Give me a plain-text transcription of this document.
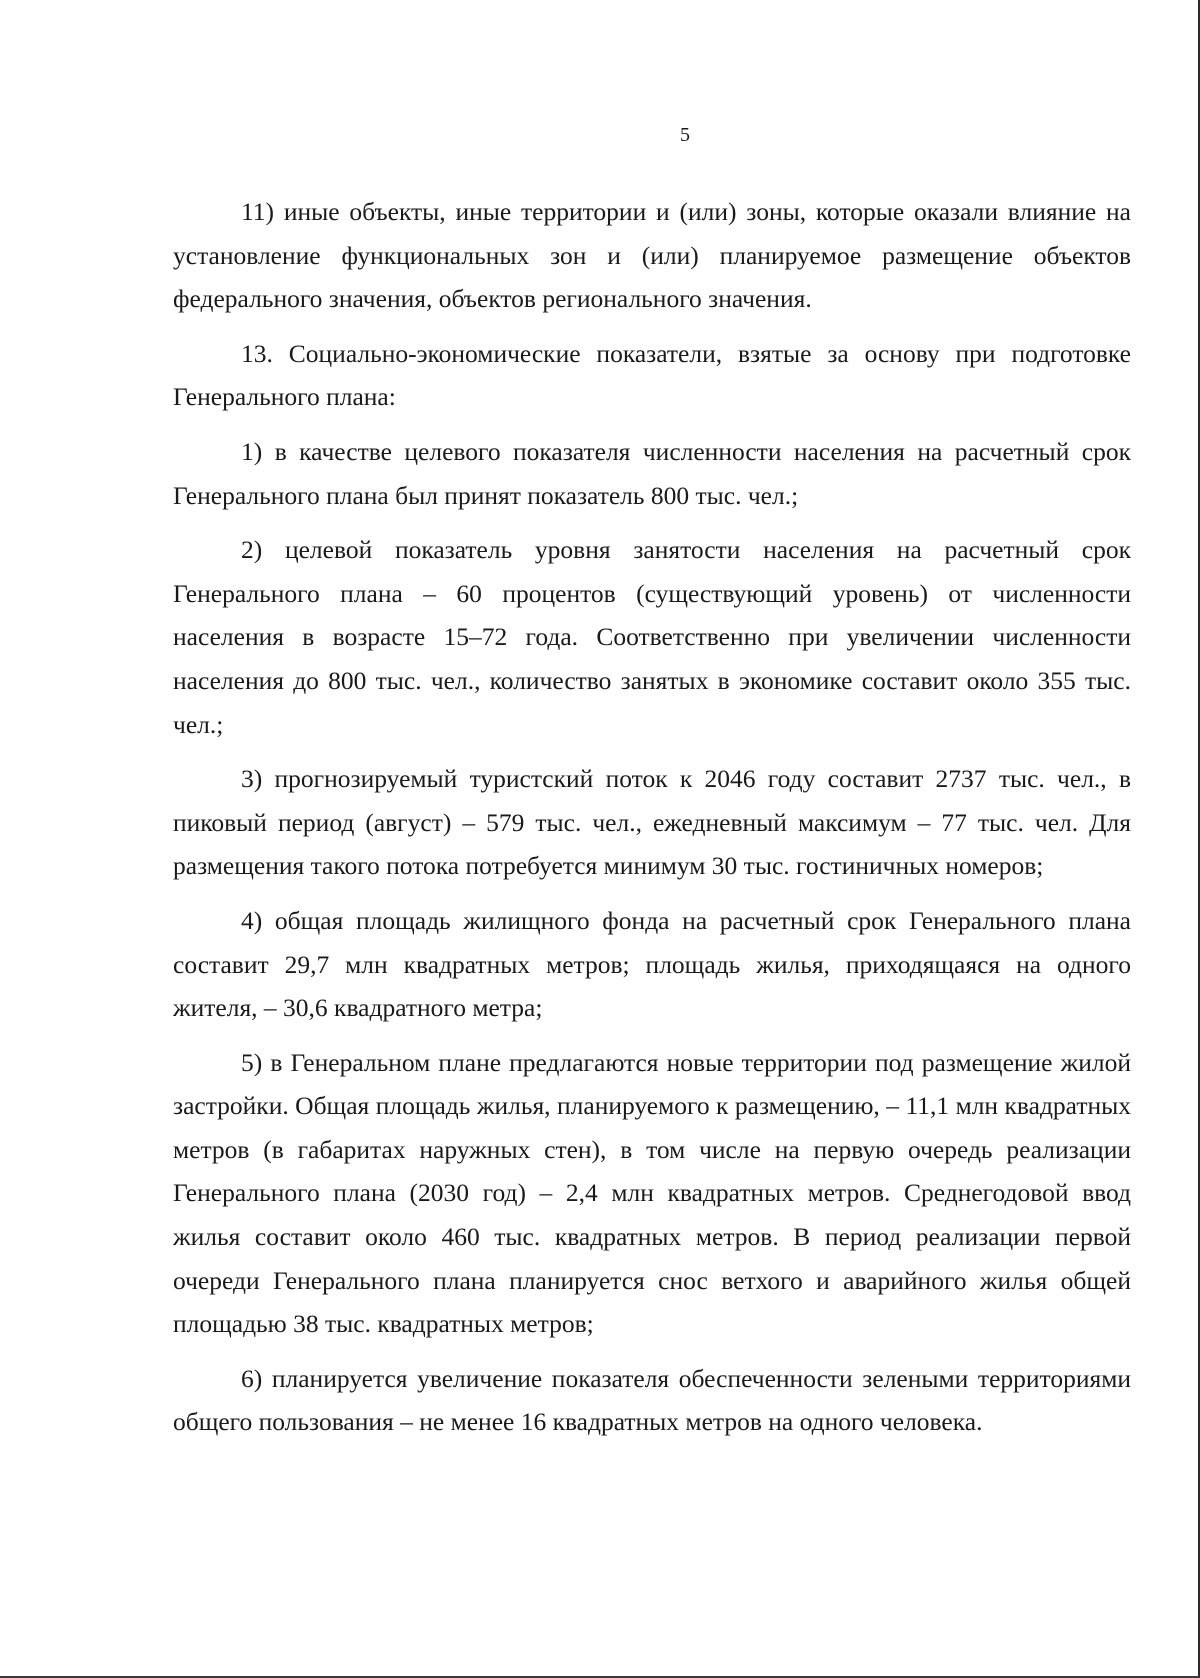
5

11) иные объекты, иные территории и (или) зоны, которые оказали влияние на установление функциональных зон и (или) планируемое размещение объектов федерального значения, объектов регионального значения.

13. Социально-экономические показатели, взятые за основу при подготовке Генерального плана:

1) в качестве целевого показателя численности населения на расчетный срок Генерального плана был принят показатель 800 тыс. чел.;

2) целевой показатель уровня занятости населения на расчетный срок Генерального плана – 60 процентов (существующий уровень) от численности населения в возрасте 15–72 года. Соответственно при увеличении численности населения до 800 тыс. чел., количество занятых в экономике составит около 355 тыс. чел.;

3) прогнозируемый туристский поток к 2046 году составит 2737 тыс. чел., в пиковый период (август) – 579 тыс. чел., ежедневный максимум – 77 тыс. чел. Для размещения такого потока потребуется минимум 30 тыс. гостиничных номеров;

4) общая площадь жилищного фонда на расчетный срок Генерального плана составит 29,7 млн квадратных метров; площадь жилья, приходящаяся на одного жителя, – 30,6 квадратного метра;

5) в Генеральном плане предлагаются новые территории под размещение жилой застройки. Общая площадь жилья, планируемого к размещению, – 11,1 млн квадратных метров (в габаритах наружных стен), в том числе на первую очередь реализации Генерального плана (2030 год) – 2,4 млн квадратных метров. Среднегодовой ввод жилья составит около 460 тыс. квадратных метров. В период реализации первой очереди Генерального плана планируется снос ветхого и аварийного жилья общей площадью 38 тыс. квадратных метров;

6) планируется увеличение показателя обеспеченности зелеными территориями общего пользования – не менее 16 квадратных метров на одного человека.
